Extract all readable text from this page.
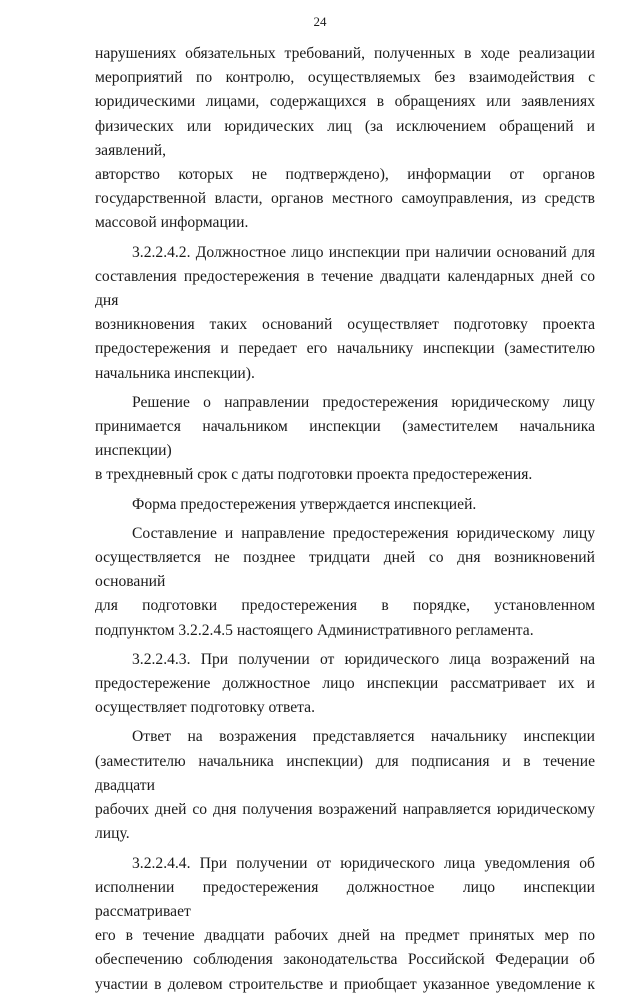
24

нарушениях обязательных требований, полученных в ходе реализации

мероприятий по контролю, осуществляемых без взаимодействия с

юридическими лицами, содержащихся в обращениях или заявлениях

физических или юридических лиц (за исключением обращений и заявлений,

авторство которых не подтверждено), информации от органов

государственной власти, органов местного самоуправления, из средств

массовой информации.

3.2.2.4.2. Должностное лицо инспекции при наличии оснований для

составления предостережения в течение двадцати календарных дней со дня

возникновения таких оснований осуществляет подготовку проекта

предостережения и передает его начальнику инспекции (заместителю

начальника инспекции).

Решение о направлении предостережения юридическому лицу

принимается начальником инспекции (заместителем начальника инспекции)

в трехдневный срок с даты подготовки проекта предостережения.

Форма предостережения утверждается инспекцией.

Составление и направление предостережения юридическому лицу

осуществляется не позднее тридцати дней со дня возникновений оснований

для подготовки предостережения в порядке, установленном

подпунктом 3.2.2.4.5 настоящего Административного регламента.

3.2.2.4.3. При получении от юридического лица возражений на

предостережение должностное лицо инспекции рассматривает их и

осуществляет подготовку ответа.

Ответ на возражения представляется начальнику инспекции

(заместителю начальника инспекции) для подписания и в течение двадцати

рабочих дней со дня получения возражений направляется юридическому

лицу.

3.2.2.4.4. При получении от юридического лица уведомления об

исполнении предостережения должностное лицо инспекции рассматривает

его в течение двадцати рабочих дней на предмет принятых мер по

обеспечению соблюдения законодательства Российской Федерации об

участии в долевом строительстве и приобщает указанное уведомление к
